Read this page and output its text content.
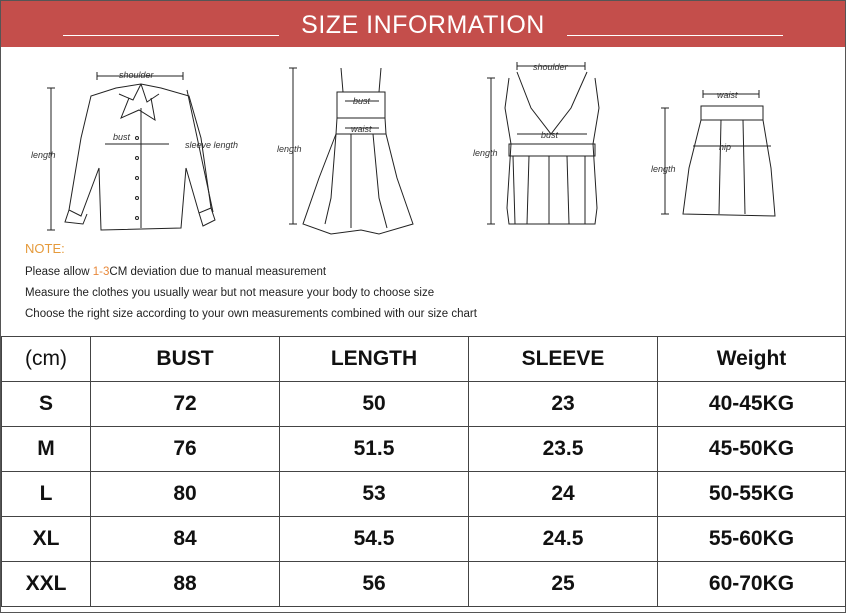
SIZE INFORMATION
shoulder
bust
length
sleeve length
bust
waist
length
shoulder
bust
length
waist
hip
length
NOTE:
Please allow 1-3CM deviation due to manual measurement
Measure the clothes you usually wear but not measure your body to choose size
Choose the right size according to your own measurements combined with our size chart
(cm)	BUST	LENGTH	SLEEVE	Weight
S	72	50	23	40-45KG
M	76	51.5	23.5	45-50KG
L	80	53	24	50-55KG
XL	84	54.5	24.5	55-60KG
XXL	88	56	25	60-70KG
